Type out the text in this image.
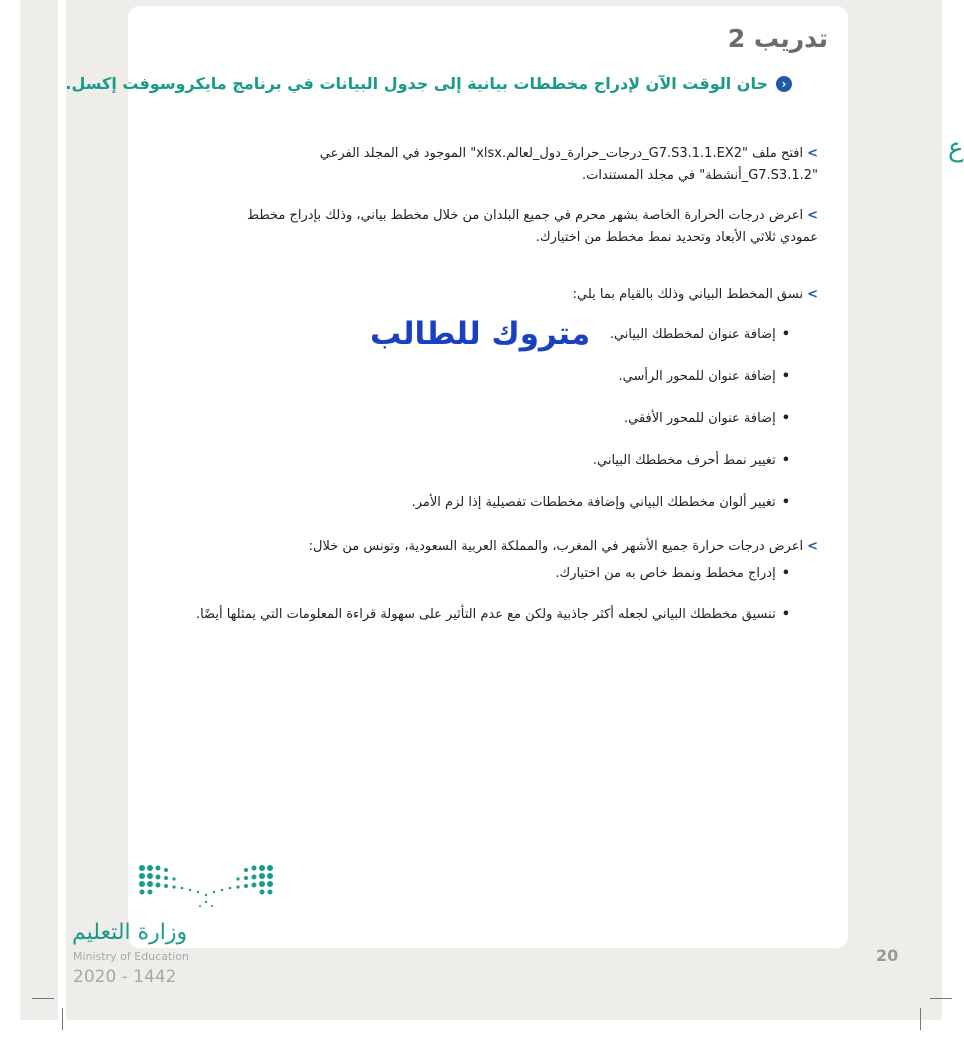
ع
تدريب 2
‹
حان الوقت الآن لإدراج مخططات بيانية إلى جدول البيانات في برنامج مايكروسوفت إكسل.
>افتح ملف "G7.S3.1.1.EX2_درجات_حرارة_دول_لعالم.xlsx" الموجود في المجلد الفرعي
"G7.S3.1.2_أنشطة" في مجلد المستندات.
>اعرض درجات الحرارة الخاصة بشهر محرم في جميع البلدان من خلال مخطط بياني، وذلك بإدراج مخطط
عمودي ثلاثي الأبعاد وتحديد نمط مخطط من اختيارك.
>نسق المخطط البياني وذلك بالقيام بما يلي:
•إضافة عنوان لمخططك البياني.
•إضافة عنوان للمحور الرأسي.
•إضافة عنوان للمحور الأفقي.
•تغيير نمط أحرف مخططك البياني.
•تغيير ألوان مخططك البياني وإضافة مخططات تفصيلية إذا لزم الأمر.
متروك للطالب
>اعرض درجات حرارة جميع الأشهر في المغرب، والمملكة العربية السعودية، وتونس من خلال:
•إدراج مخطط ونمط خاص به من اختيارك.
•تنسيق مخططك البياني لجعله أكثر جاذبية ولكن مع عدم التأثير على سهولة قراءة المعلومات التي يمثلها أيضًا.
وزارة التعليم
Ministry of Education
2020 - 1442
20
